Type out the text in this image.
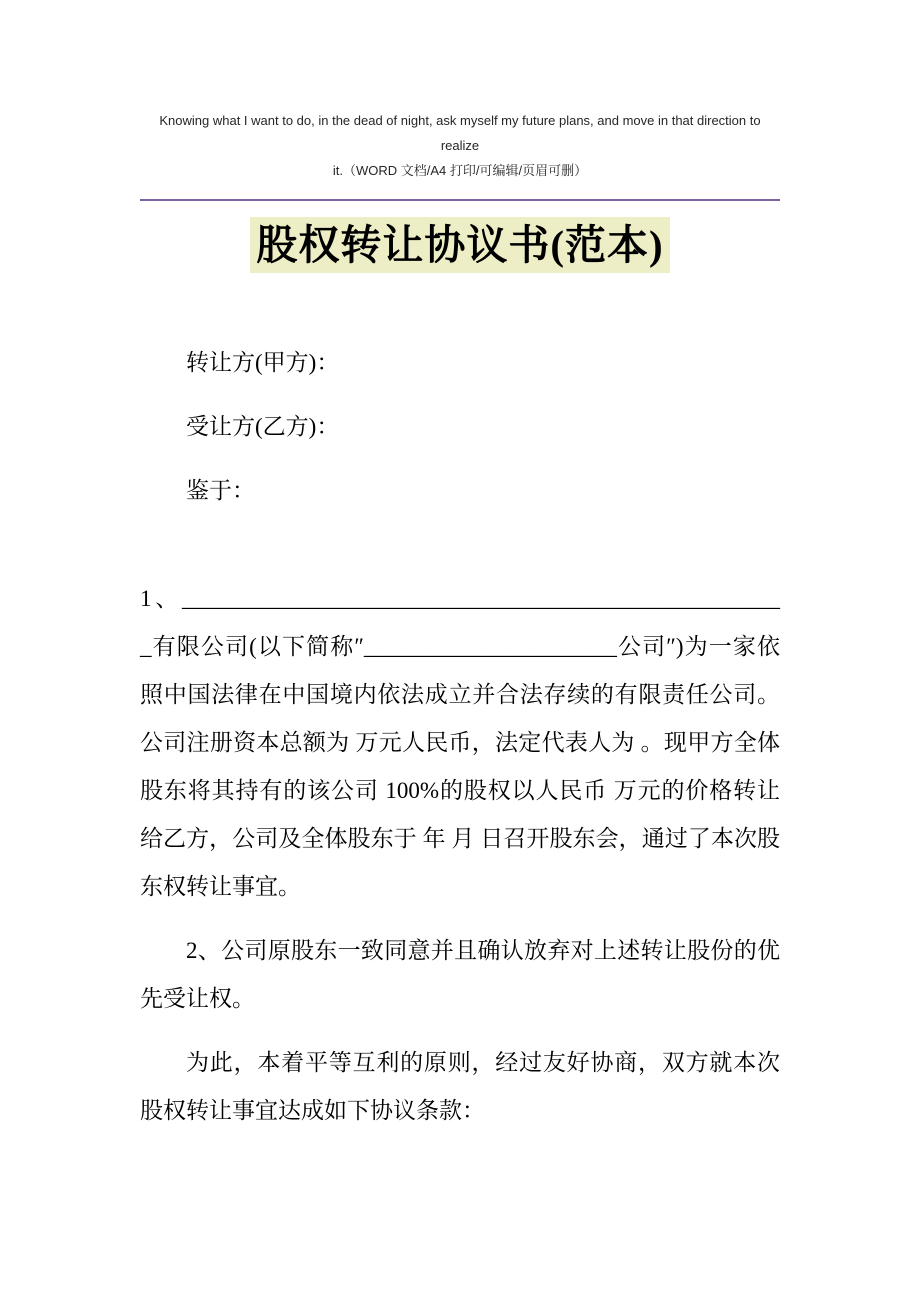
Knowing what I want to do, in the dead of night, ask myself my future plans, and move in that direction to realize
it.（WORD 文档/A4 打印/可编辑/页眉可删）
股权转让协议书(范本)

转让方(甲方)：

受让方(乙方)：

鉴于：

1、_____________________________________________________有限公司(以下简称″______________________公司″)为一家依照中国法律在中国境内依法成立并合法存续的有限责任公司。公司注册资本总额为 万元人民币，法定代表人为 。现甲方全体股东将其持有的该公司 100%的股权以人民币 万元的价格转让给乙方，公司及全体股东于 年 月 日召开股东会，通过了本次股东权转让事宜。

2、公司原股东一致同意并且确认放弃对上述转让股份的优先受让权。

为此，本着平等互利的原则，经过友好协商，双方就本次股权转让事宜达成如下协议条款：
